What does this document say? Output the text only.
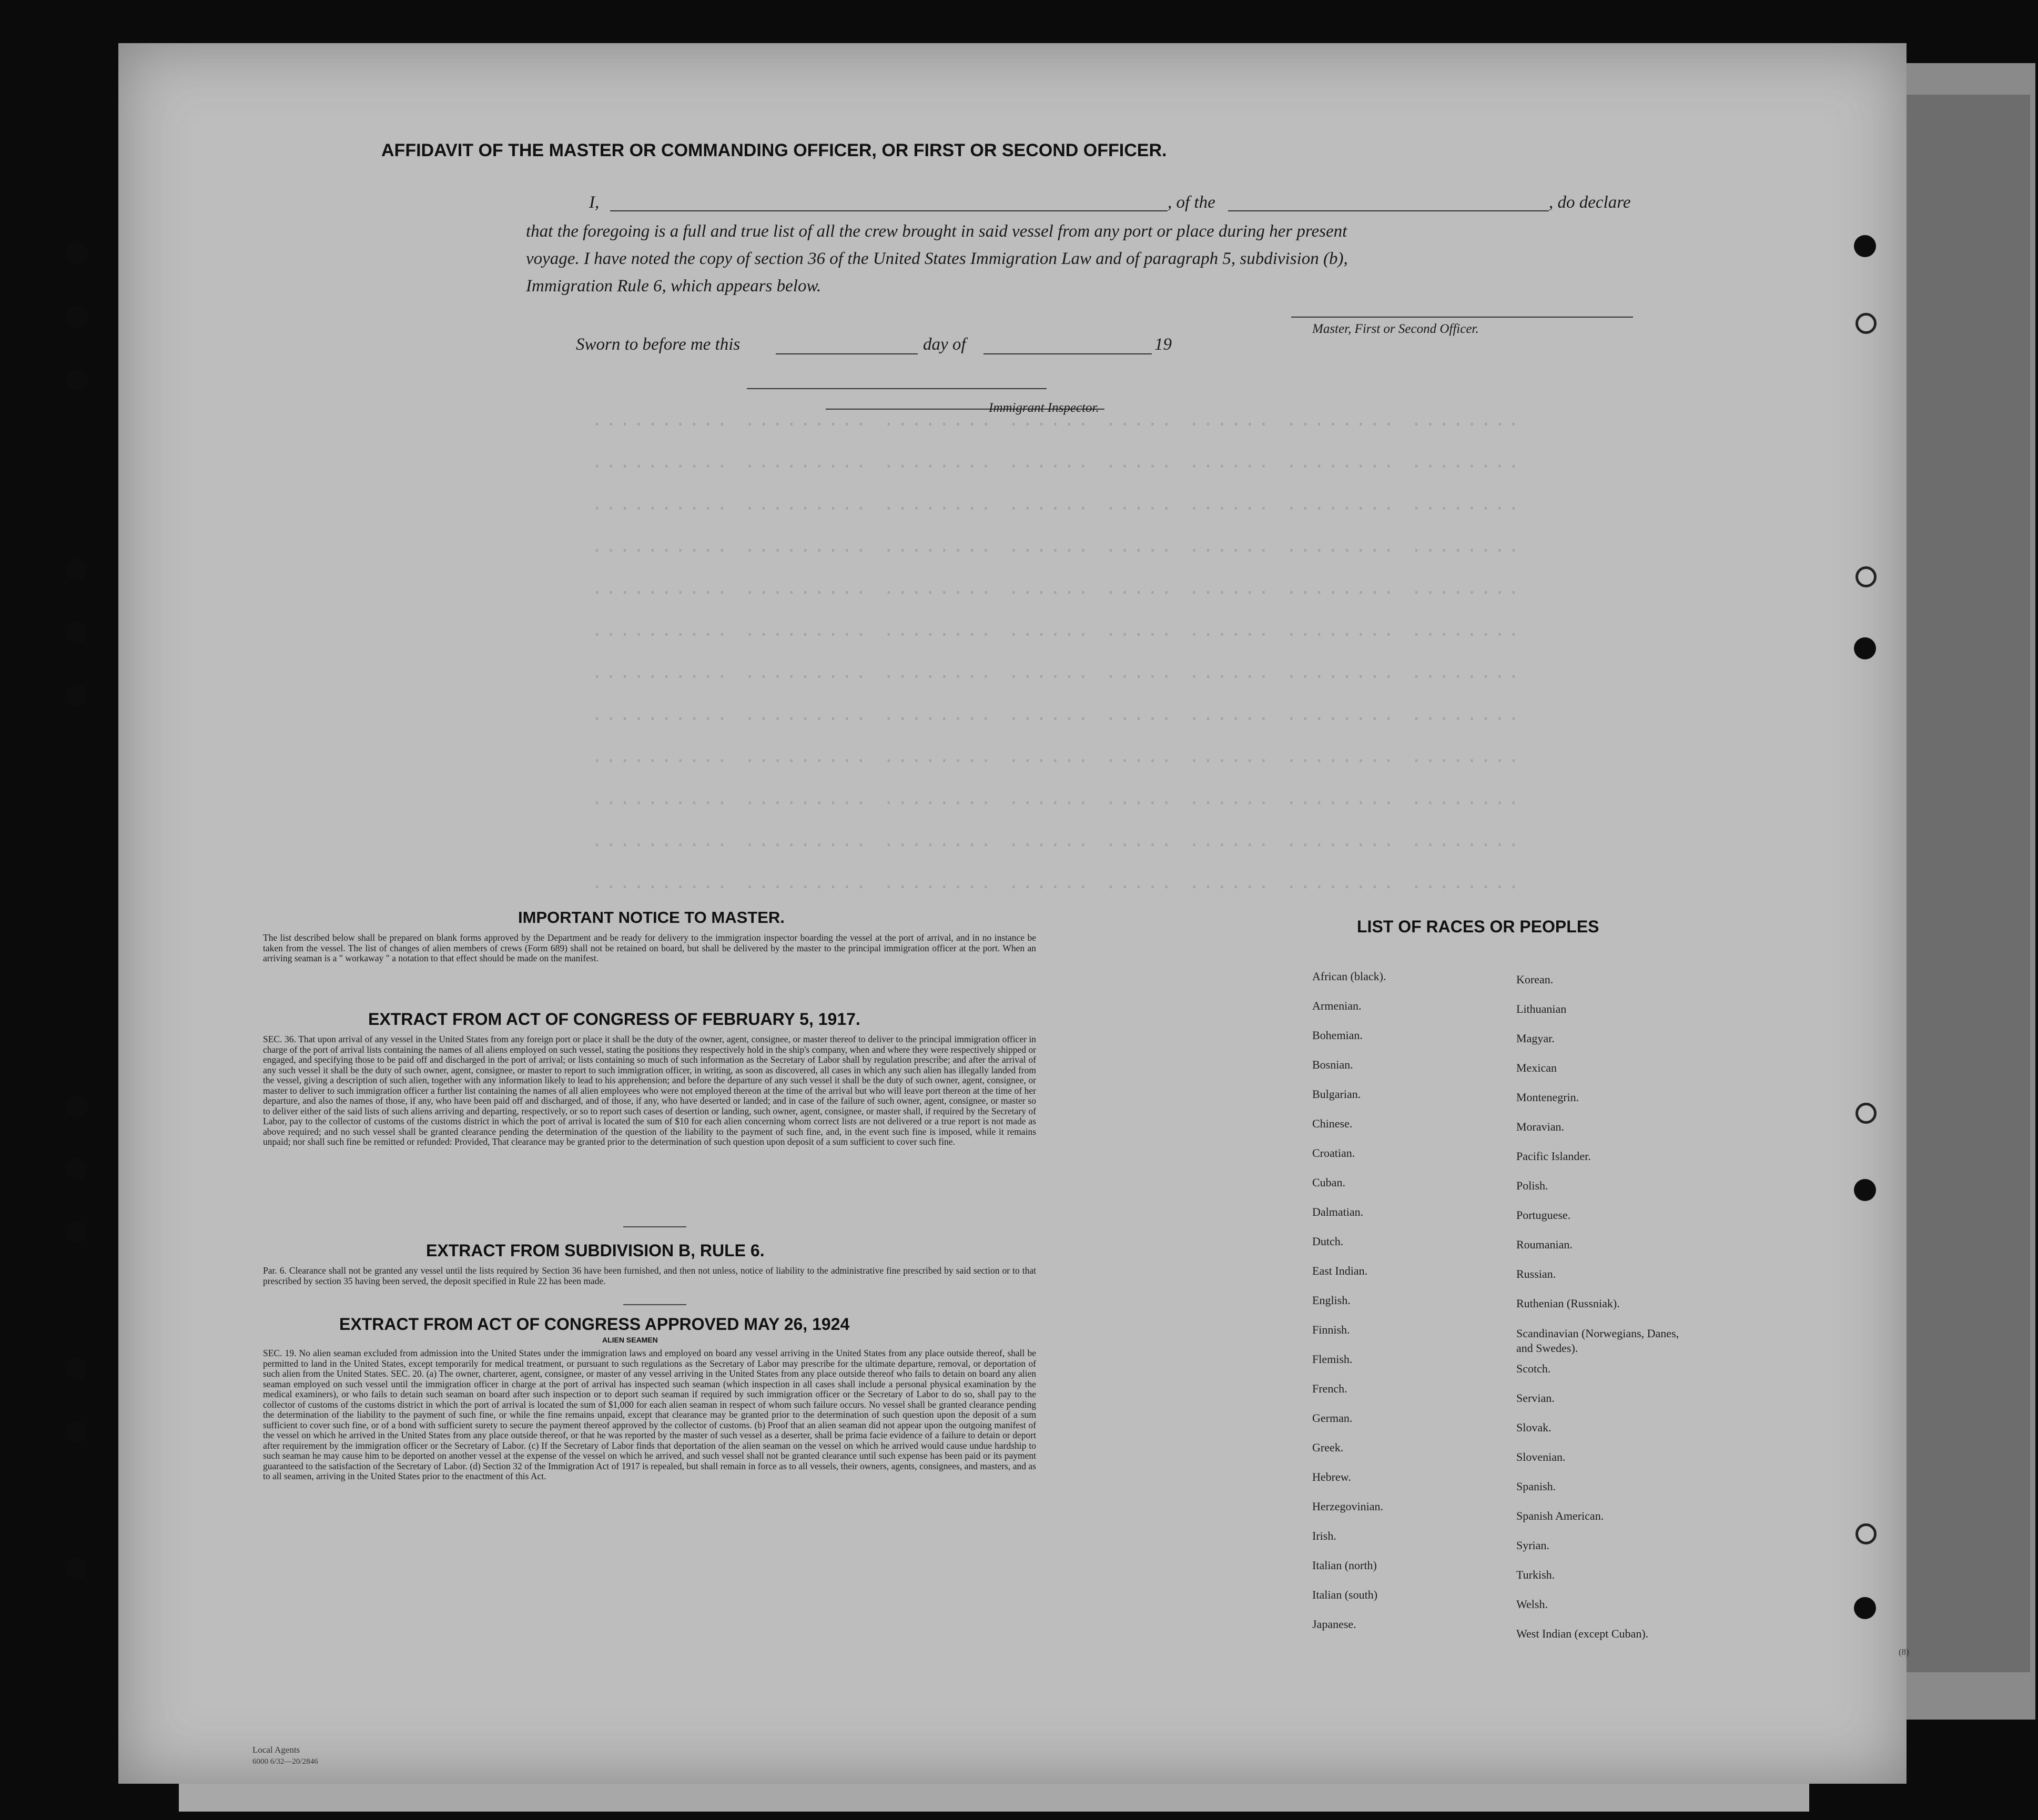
.......... ......... ........ ...... ..... ...... ........ ........
.......... ......... ........ ...... ..... ...... ........ ........
.......... ......... ........ ...... ..... ...... ........ ........
.......... ......... ........ ...... ..... ...... ........ ........
.......... ......... ........ ...... ..... ...... ........ ........
.......... ......... ........ ...... ..... ...... ........ ........
.......... ......... ........ ...... ..... ...... ........ ........
.......... ......... ........ ...... ..... ...... ........ ........
.......... ......... ........ ...... ..... ...... ........ ........
.......... ......... ........ ...... ..... ...... ........ ........
.......... ......... ........ ...... ..... ...... ........ ........
.......... ......... ........ ...... ..... ...... ........ ........
AFFIDAVIT OF THE MASTER OR COMMANDING OFFICER, OR FIRST OR SECOND OFFICER.
I,	, of the	, do declare
that the foregoing is a full and true list of all the crew brought in said vessel from any port or place during her present
voyage. I have noted the copy of section 36 of the United States Immigration Law and of paragraph 5, subdivision (b),
Immigration Rule 6, which appears below.
Master, First or Second Officer.
Sworn to before me this	day of	19
Immigrant Inspector.
IMPORTANT NOTICE TO MASTER.
The list described below shall be prepared on blank forms approved by the Department and be ready for delivery to the immigration inspector boarding the vessel at the port of arrival, and in no instance be taken from the vessel. The list of changes of alien members of crews (Form 689) shall not be retained on board, but shall be delivered by the master to the principal immigration officer at the port. When an arriving seaman is a " workaway " a notation to that effect should be made on the manifest.
EXTRACT FROM ACT OF CONGRESS OF FEBRUARY 5, 1917.
SEC. 36. That upon arrival of any vessel in the United States from any foreign port or place it shall be the duty of the owner, agent, consignee, or master thereof to deliver to the principal immigration officer in charge of the port of arrival lists containing the names of all aliens employed on such vessel, stating the positions they respectively hold in the ship's company, when and where they were respectively shipped or engaged, and specifying those to be paid off and discharged in the port of arrival; or lists containing so much of such information as the Secretary of Labor shall by regulation prescribe; and after the arrival of any such vessel it shall be the duty of such owner, agent, consignee, or master to report to such immigration officer, in writing, as soon as discovered, all cases in which any such alien has illegally landed from the vessel, giving a description of such alien, together with any information likely to lead to his apprehension; and before the departure of any such vessel it shall be the duty of such owner, agent, consignee, or master to deliver to such immigration officer a further list containing the names of all alien employees who were not employed thereon at the time of the arrival but who will leave port thereon at the time of her departure, and also the names of those, if any, who have been paid off and discharged, and of those, if any, who have deserted or landed; and in case of the failure of such owner, agent, consignee, or master so to deliver either of the said lists of such aliens arriving and departing, respectively, or so to report such cases of desertion or landing, such owner, agent, consignee, or master shall, if required by the Secretary of Labor, pay to the collector of customs of the customs district in which the port of arrival is located the sum of $10 for each alien concerning whom correct lists are not delivered or a true report is not made as above required; and no such vessel shall be granted clearance pending the determination of the question of the liability to the payment of such fine, and, in the event such fine is imposed, while it remains unpaid; nor shall such fine be remitted or refunded: Provided, That clearance may be granted prior to the determination of such question upon deposit of a sum sufficient to cover such fine.
EXTRACT FROM SUBDIVISION B, RULE 6.
Par. 6. Clearance shall not be granted any vessel until the lists required by Section 36 have been furnished, and then not unless, notice of liability to the administrative fine prescribed by said section or to that prescribed by section 35 having been served, the deposit specified in Rule 22 has been made.
EXTRACT FROM ACT OF CONGRESS APPROVED MAY 26, 1924
ALIEN SEAMEN
SEC. 19. No alien seaman excluded from admission into the United States under the immigration laws and employed on board any vessel arriving in the United States from any place outside thereof, shall be permitted to land in the United States, except temporarily for medical treatment, or pursuant to such regulations as the Secretary of Labor may prescribe for the ultimate departure, removal, or deportation of such alien from the United States. SEC. 20. (a) The owner, charterer, agent, consignee, or master of any vessel arriving in the United States from any place outside thereof who fails to detain on board any alien seaman employed on such vessel until the immigration officer in charge at the port of arrival has inspected such seaman (which inspection in all cases shall include a personal physical examination by the medical examiners), or who fails to detain such seaman on board after such inspection or to deport such seaman if required by such immigration officer or the Secretary of Labor to do so, shall pay to the collector of customs of the customs district in which the port of arrival is located the sum of $1,000 for each alien seaman in respect of whom such failure occurs. No vessel shall be granted clearance pending the determination of the liability to the payment of such fine, or while the fine remains unpaid, except that clearance may be granted prior to the determination of such question upon the deposit of a sum sufficient to cover such fine, or of a bond with sufficient surety to secure the payment thereof approved by the collector of customs. (b) Proof that an alien seaman did not appear upon the outgoing manifest of the vessel on which he arrived in the United States from any place outside thereof, or that he was reported by the master of such vessel as a deserter, shall be prima facie evidence of a failure to detain or deport after requirement by the immigration officer or the Secretary of Labor. (c) If the Secretary of Labor finds that deportation of the alien seaman on the vessel on which he arrived would cause undue hardship to such seaman he may cause him to be deported on another vessel at the expense of the vessel on which he arrived, and such vessel shall not be granted clearance until such expense has been paid or its payment guaranteed to the satisfaction of the Secretary of Labor. (d) Section 32 of the Immigration Act of 1917 is repealed, but shall remain in force as to all vessels, their owners, agents, consignees, and masters, and as to all seamen, arriving in the United States prior to the enactment of this Act.
LIST OF RACES OR PEOPLES
African (black).
Armenian.
Bohemian.
Bosnian.
Bulgarian.
Chinese.
Croatian.
Cuban.
Dalmatian.
Dutch.
East Indian.
English.
Finnish.
Flemish.
French.
German.
Greek.
Hebrew.
Herzegovinian.
Irish.
Italian (north)
Italian (south)
Japanese.
Korean.
Lithuanian
Magyar.
Mexican
Montenegrin.
Moravian.
Pacific Islander.
Polish.
Portuguese.
Roumanian.
Russian.
Ruthenian (Russniak).
Scandinavian (Norwegians, Danes, and Swedes).
Scotch.
Servian.
Slovak.
Slovenian.
Spanish.
Spanish American.
Syrian.
Turkish.
Welsh.
West Indian (except Cuban).
(8)
Local Agents
6000 6/32—20/2846
